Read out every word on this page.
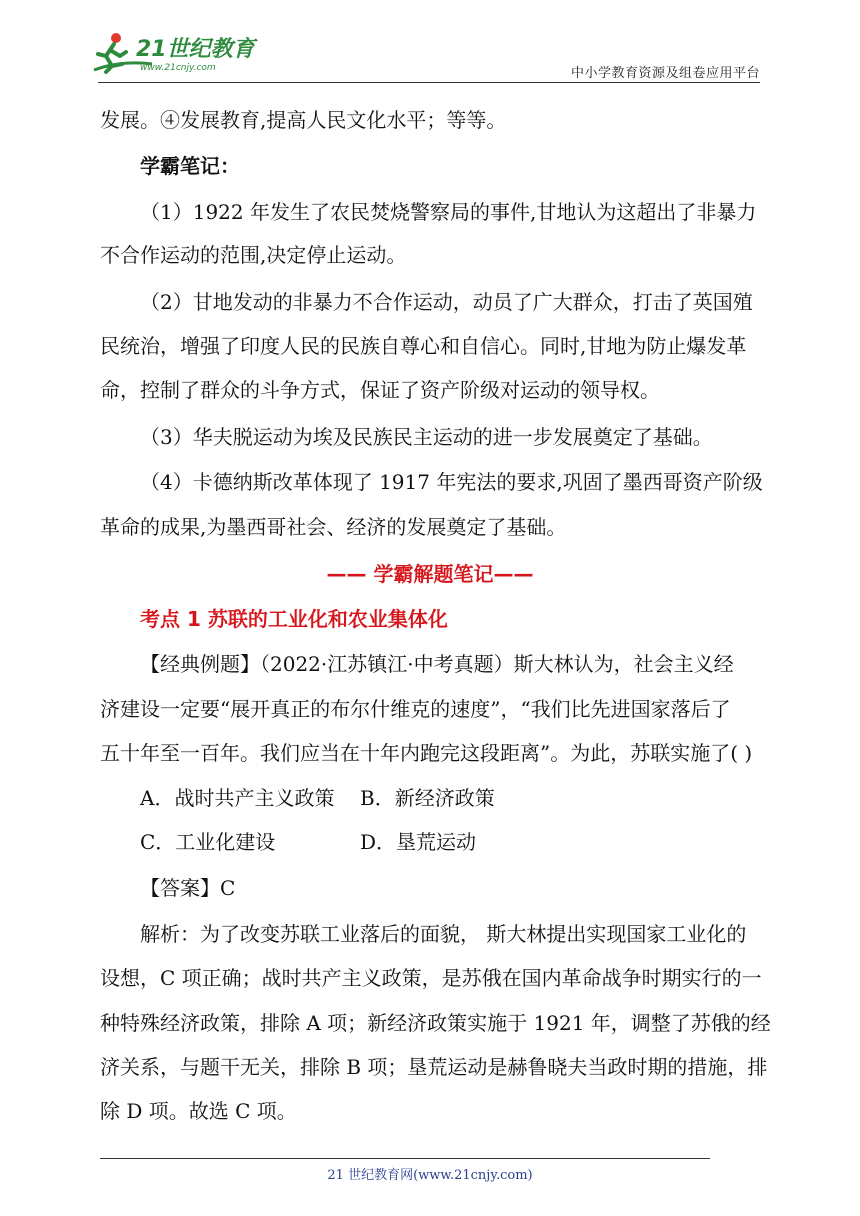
21世纪教育
www.21cnjy.com	中小学教育资源及组卷应用平台
发展。④发展教育,提高人民文化水平；等等。
学霸笔记：
（1）1922 年发生了农民焚烧警察局的事件,甘地认为这超出了非暴力
不合作运动的范围,决定停止运动。
（2）甘地发动的非暴力不合作运动，动员了广大群众，打击了英国殖
民统治，增强了印度人民的民族自尊心和自信心。同时,甘地为防止爆发革
命，控制了群众的斗争方式，保证了资产阶级对运动的领导权。
（3）华夫脱运动为埃及民族民主运动的进一步发展奠定了基础。
（4）卡德纳斯改革体现了 1917 年宪法的要求,巩固了墨西哥资产阶级
革命的成果,为墨西哥社会、经济的发展奠定了基础。
—— 学霸解题笔记——
考点 1 苏联的工业化和农业集体化
【经典例题】（2022·江苏镇江·中考真题）斯大林认为，社会主义经
济建设一定要“展开真正的布尔什维克的速度”，“我们比先进国家落后了
五十年至一百年。我们应当在十年内跑完这段距离”。为此，苏联实施了( )
A．战时共产主义政策 B．新经济政策
C．工业化建设	D．垦荒运动
【答案】C
解析：为了改变苏联工业落后的面貌， 斯大林提出实现国家工业化的
设想，C 项正确；战时共产主义政策，是苏俄在国内革命战争时期实行的一
种特殊经济政策，排除 A 项；新经济政策实施于 1921 年，调整了苏俄的经
济关系，与题干无关，排除 B 项；垦荒运动是赫鲁晓夫当政时期的措施，排
除 D 项。故选 C 项。
21 世纪教育网(www.21cnjy.com)
